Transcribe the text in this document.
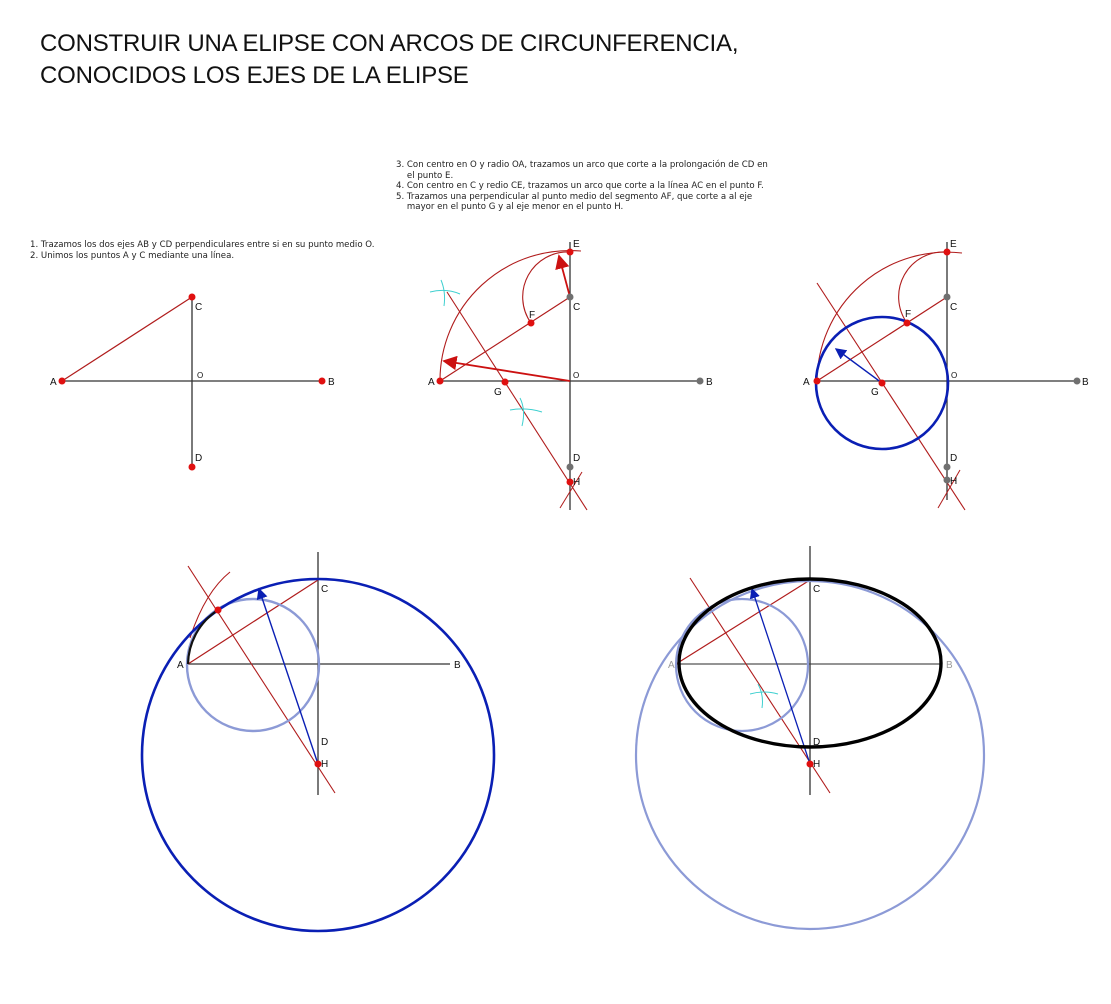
CONSTRUIR UNA ELIPSE CON ARCOS DE CIRCUNFERENCIA,
CONOCIDOS LOS EJES DE LA ELIPSE
1. Trazamos los dos ejes AB y CD perpendiculares entre si en su punto medio O.
2. Unimos los puntos A y C mediante una línea.
3. Con centro en O y radio OA, trazamos un arco que corte a la prolongación de CD en
el punto E.
4. Con centro en C y redio CE, trazamos un arco que corte a la línea AC en el punto F.
5. Trazamos una perpendicular al punto medio del segmento AF, que corte a al eje
mayor en el punto G y al eje menor en el punto H.
A	B
C
D
O
A	B
C
D
O
E
F
G
H
A	B
C
D
O
E
F
G
H
A	B
C
D
H
A	B
C
D
H
